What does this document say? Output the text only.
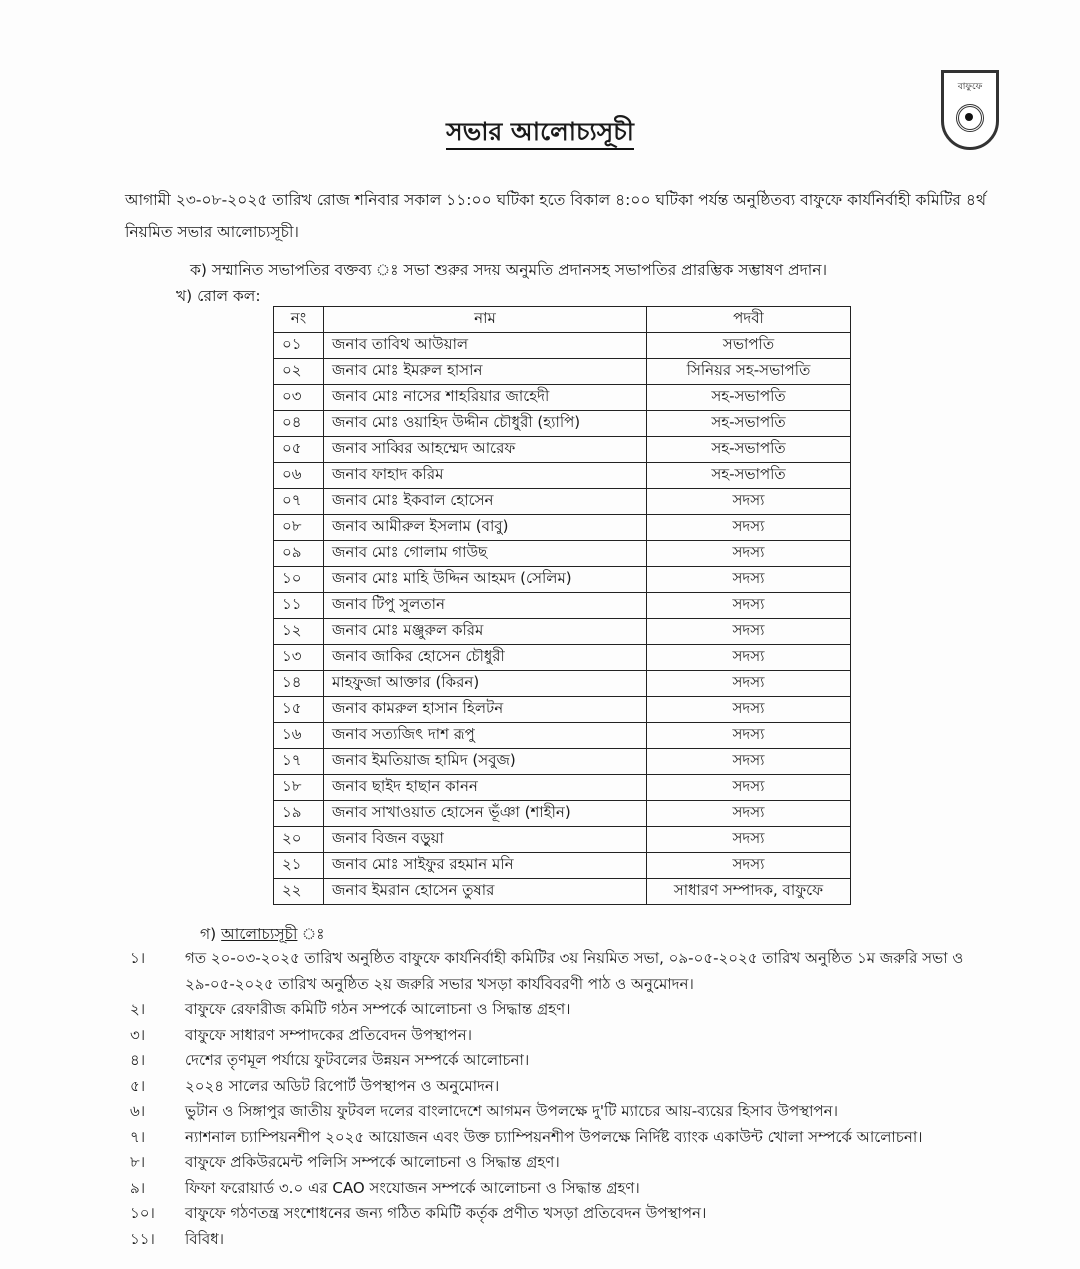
বাফুফে
সভার আলোচ্যসূচী
আগামী ২৩-০৮-২০২৫ তারিখ রোজ শনিবার সকাল ১১:০০ ঘটিকা হতে বিকাল ৪:০০ ঘটিকা পর্যন্ত অনুষ্ঠিতব্য বাফুফে কার্যনির্বাহী কমিটির ৪র্থ নিয়মিত সভার আলোচ্যসূচী।
ক) সম্মানিত সভাপতির বক্তব্য ঃ সভা শুরুর সদয় অনুমতি প্রদানসহ সভাপতির প্রারম্ভিক সম্ভাষণ প্রদান।
খ) রোল কল:
নং	নাম	পদবী
০১	জনাব তাবিথ আউয়াল	সভাপতি
০২	জনাব মোঃ ইমরুল হাসান	সিনিয়র সহ-সভাপতি
০৩	জনাব মোঃ নাসের শাহরিয়ার জাহেদী	সহ-সভাপতি
০৪	জনাব মোঃ ওয়াহিদ উদ্দীন চৌধুরী (হ্যাপি)	সহ-সভাপতি
০৫	জনাব সাব্বির আহম্মেদ আরেফ	সহ-সভাপতি
০৬	জনাব ফাহাদ করিম	সহ-সভাপতি
০৭	জনাব মোঃ ইকবাল হোসেন	সদস্য
০৮	জনাব আমীরুল ইসলাম (বাবু)	সদস্য
০৯	জনাব মোঃ গোলাম গাউছ	সদস্য
১০	জনাব মোঃ মাহি উদ্দিন আহমদ (সেলিম)	সদস্য
১১	জনাব টিপু সুলতান	সদস্য
১২	জনাব মোঃ মঞ্জুরুল করিম	সদস্য
১৩	জনাব জাকির হোসেন চৌধুরী	সদস্য
১৪	মাহফুজা আক্তার (কিরন)	সদস্য
১৫	জনাব কামরুল হাসান হিলটন	সদস্য
১৬	জনাব সত্যজিৎ দাশ রূপু	সদস্য
১৭	জনাব ইমতিয়াজ হামিদ (সবুজ)	সদস্য
১৮	জনাব ছাইদ হাছান কানন	সদস্য
১৯	জনাব সাখাওয়াত হোসেন ভূঁঞা (শাহীন)	সদস্য
২০	জনাব বিজন বড়ুয়া	সদস্য
২১	জনাব মোঃ সাইফুর রহমান মনি	সদস্য
২২	জনাব ইমরান হোসেন তুষার	সাধারণ সম্পাদক, বাফুফে
গ) আলোচ্যসূচী ঃ
১।	গত ২০-০৩-২০২৫ তারিখ অনুষ্ঠিত বাফুফে কার্যনির্বাহী কমিটির ৩য় নিয়মিত সভা, ০৯-০৫-২০২৫ তারিখ অনুষ্ঠিত ১ম জরুরি সভা ও ২৯-০৫-২০২৫ তারিখ অনুষ্ঠিত ২য় জরুরি সভার খসড়া কার্যবিবরণী পাঠ ও অনুমোদন।
২।	বাফুফে রেফারীজ কমিটি গঠন সম্পর্কে আলোচনা ও সিদ্ধান্ত গ্রহণ।
৩।	বাফুফে সাধারণ সম্পাদকের প্রতিবেদন উপস্থাপন।
৪।	দেশের তৃণমূল পর্যায়ে ফুটবলের উন্নয়ন সম্পর্কে আলোচনা।
৫।	২০২৪ সালের অডিট রিপোর্ট উপস্থাপন ও অনুমোদন।
৬।	ভুটান ও সিঙ্গাপুর জাতীয় ফুটবল দলের বাংলাদেশে আগমন উপলক্ষে দু'টি ম্যাচের আয়-ব্যয়ের হিসাব উপস্থাপন।
৭।	ন্যাশনাল চ্যাম্পিয়নশীপ ২০২৫ আয়োজন এবং উক্ত চ্যাম্পিয়নশীপ উপলক্ষে নির্দিষ্ট ব্যাংক একাউন্ট খোলা সম্পর্কে আলোচনা।
৮।	বাফুফে প্রকিউরমেন্ট পলিসি সম্পর্কে আলোচনা ও সিদ্ধান্ত গ্রহণ।
৯।	ফিফা ফরোয়ার্ড ৩.০ এর CAO সংযোজন সম্পর্কে আলোচনা ও সিদ্ধান্ত গ্রহণ।
১০।	বাফুফে গঠণতন্ত্র সংশোধনের জন্য গঠিত কমিটি কর্তৃক প্রণীত খসড়া প্রতিবেদন উপস্থাপন।
১১।	বিবিধ।
